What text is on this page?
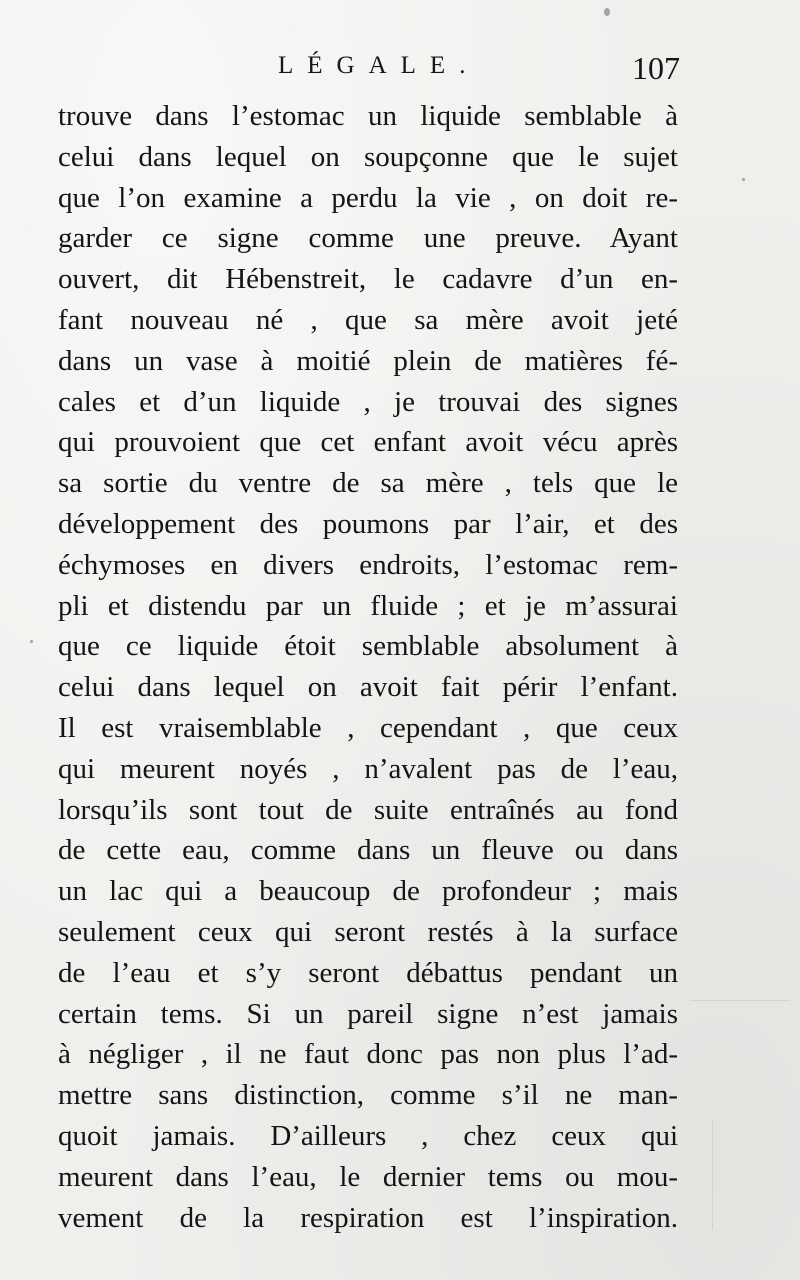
LÉGALE.	107
trouve dans l’estomac un liquide semblable à
celui dans lequel on soupçonne que le sujet
que l’on examine a perdu la vie , on doit re-
garder ce signe comme une preuve. Ayant
ouvert, dit Hébenstreit, le cadavre d’un en-
fant nouveau né , que sa mère avoit jeté
dans un vase à moitié plein de matières fé-
cales et d’un liquide , je trouvai des signes
qui prouvoient que cet enfant avoit vécu après
sa sortie du ventre de sa mère , tels que le
développement des poumons par l’air, et des
échymoses en divers endroits, l’estomac rem-
pli et distendu par un fluide ; et je m’assurai
que ce liquide étoit semblable absolument à
celui dans lequel on avoit fait périr l’enfant.
Il est vraisemblable , cependant , que ceux
qui meurent noyés , n’avalent pas de l’eau,
lorsqu’ils sont tout de suite entraînés au fond
de cette eau, comme dans un fleuve ou dans
un lac qui a beaucoup de profondeur ; mais
seulement ceux qui seront restés à la surface
de l’eau et s’y seront débattus pendant un
certain tems. Si un pareil signe n’est jamais
à négliger , il ne faut donc pas non plus l’ad-
mettre sans distinction, comme s’il ne man-
quoit jamais. D’ailleurs , chez ceux qui
meurent dans l’eau, le dernier tems ou mou-
vement de la respiration est l’inspiration.
